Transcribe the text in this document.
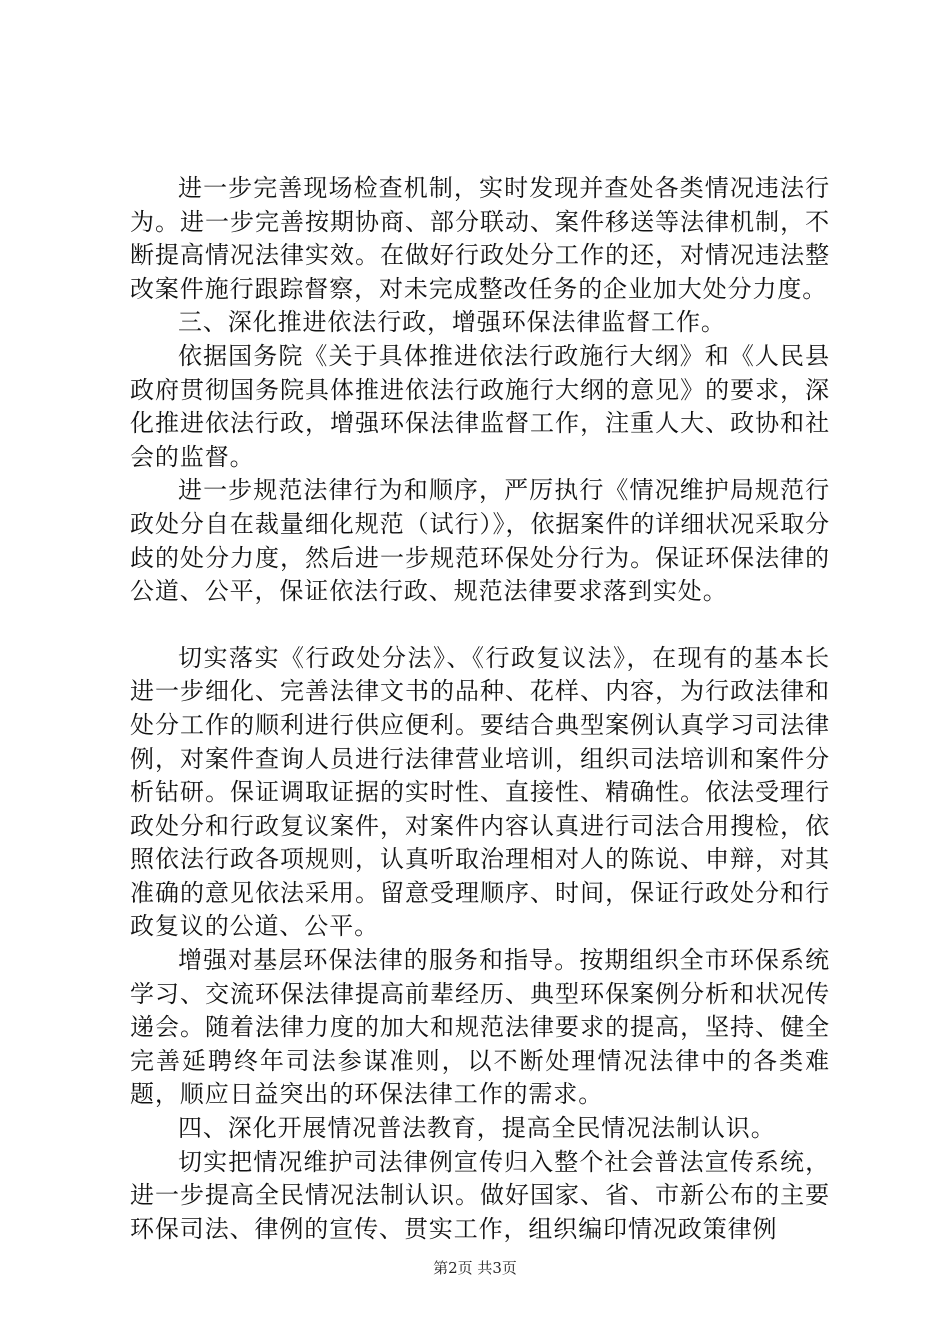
进一步完善现场检查机制，实时发现并查处各类情况违法行为。进一步完善按期协商、部分联动、案件移送等法律机制，不断提高情况法律实效。在做好行政处分工作的还，对情况违法整改案件施行跟踪督察，对未完成整改任务的企业加大处分力度。

三、深化推进依法行政，增强环保法律监督工作。

依据国务院《关于具体推进依法行政施行大纲》和《人民县政府贯彻国务院具体推进依法行政施行大纲的意见》的要求，深化推进依法行政，增强环保法律监督工作，注重人大、政协和社会的监督。

进一步规范法律行为和顺序，严厉执行《情况维护局规范行政处分自在裁量细化规范（试行）》，依据案件的详细状况采取分歧的处分力度，然后进一步规范环保处分行为。保证环保法律的公道、公平，保证依法行政、规范法律要求落到实处。

切实落实《行政处分法》、《行政复议法》，在现有的基本长进一步细化、完善法律文书的品种、花样、内容，为行政法律和处分工作的顺利进行供应便利。要结合典型案例认真学习司法律例，对案件查询人员进行法律营业培训，组织司法培训和案件分析钻研。保证调取证据的实时性、直接性、精确性。依法受理行政处分和行政复议案件，对案件内容认真进行司法合用搜检，依照依法行政各项规则，认真听取治理相对人的陈说、申辩，对其准确的意见依法采用。留意受理顺序、时间，保证行政处分和行政复议的公道、公平。

增强对基层环保法律的服务和指导。按期组织全市环保系统学习、交流环保法律提高前辈经历、典型环保案例分析和状况传递会。随着法律力度的加大和规范法律要求的提高，坚持、健全完善延聘终年司法参谋准则，以不断处理情况法律中的各类难题，顺应日益突出的环保法律工作的需求。

四、深化开展情况普法教育，提高全民情况法制认识。

切实把情况维护司法律例宣传归入整个社会普法宣传系统，进一步提高全民情况法制认识。做好国家、省、市新公布的主要环保司法、律例的宣传、贯实工作，组织编印情况政策律例

第2页 共3页
